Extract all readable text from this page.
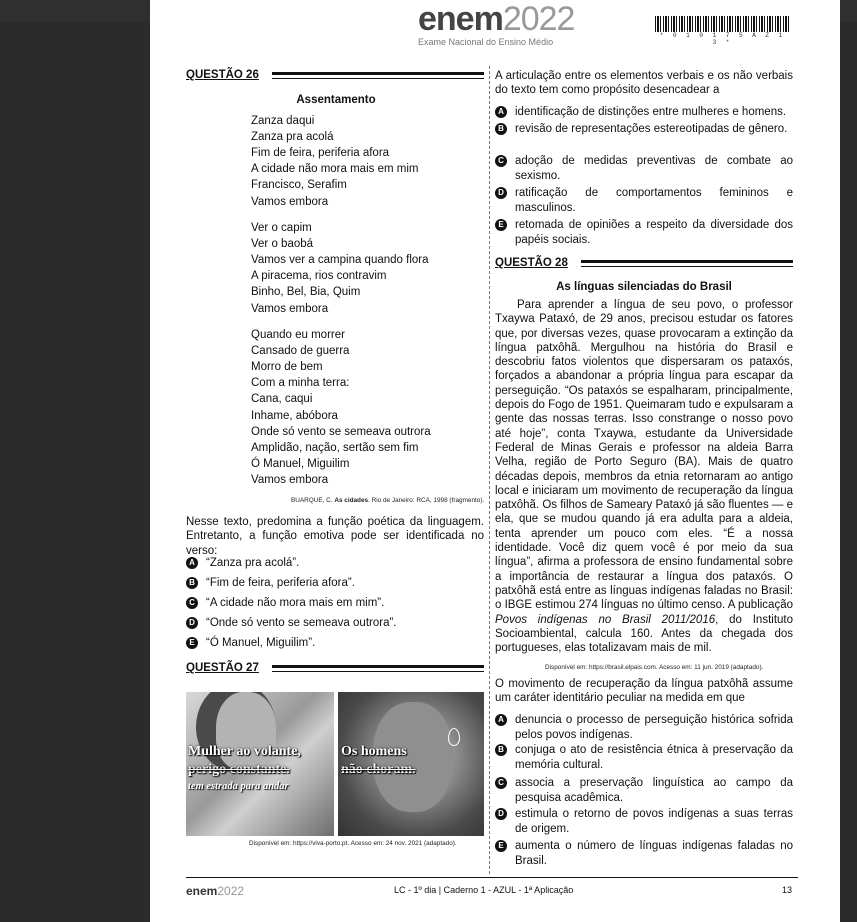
enem2022
Exame Nacional do Ensino Médio
* 0 1 0 1 7 5 A Z 1 3 *
QUESTÃO 26
Assentamento
Zanza daqui
Zanza pra acolá
Fim de feira, periferia afora
A cidade não mora mais em mim
Francisco, Serafim
Vamos embora
Ver o capim
Ver o baobá
Vamos ver a campina quando flora
A piracema, rios contravim
Binho, Bel, Bia, Quim
Vamos embora
Quando eu morrer
Cansado de guerra
Morro de bem
Com a minha terra:
Cana, caqui
Inhame, abóbora
Onde só vento se semeava outrora
Amplidão, nação, sertão sem fim
Ó Manuel, Miguilim
Vamos embora
BUARQUE, C. As cidades. Rio de Janeiro: RCA, 1998 (fragmento).
Nesse texto, predomina a função poética da linguagem. Entretanto, a função emotiva pode ser identificada no verso:
A “Zanza pra acolá”.
B “Fim de feira, periferia afora”.
C “A cidade não mora mais em mim”.
D “Onde só vento se semeava outrora”.
E “Ó Manuel, Miguilim”.
QUESTÃO 27
Mulher ao volante,
perigo constante.
tem estrada para andar
Os homens
não choram.
Disponível em: https://viva-porto.pt. Acesso em: 24 nov. 2021 (adaptado).
A articulação entre os elementos verbais e os não verbais do texto tem como propósito desencadear a
A identificação de distinções entre mulheres e homens.
B revisão de representações estereotipadas de gênero.
C adoção de medidas preventivas de combate ao sexismo.
D ratificação de comportamentos femininos e masculinos.
E retomada de opiniões a respeito da diversidade dos papéis sociais.
QUESTÃO 28
As línguas silenciadas do Brasil
Para aprender a língua de seu povo, o professor Txaywa Pataxó, de 29 anos, precisou estudar os fatores que, por diversas vezes, quase provocaram a extinção da língua patxôhã. Mergulhou na história do Brasil e descobriu fatos violentos que dispersaram os pataxós, forçados a abandonar a própria língua para escapar da perseguição. “Os pataxós se espalharam, principalmente, depois do Fogo de 1951. Queimaram tudo e expulsaram a gente das nossas terras. Isso constrange o nosso povo até hoje”, conta Txaywa, estudante da Universidade Federal de Minas Gerais e professor na aldeia Barra Velha, região de Porto Seguro (BA). Mais de quatro décadas depois, membros da etnia retornaram ao antigo local e iniciaram um movimento de recuperação da língua patxôhã. Os filhos de Sameary Pataxó já são fluentes — e ela, que se mudou quando já era adulta para a aldeia, tenta aprender um pouco com eles. “É a nossa identidade. Você diz quem você é por meio da sua língua”, afirma a professora de ensino fundamental sobre a importância de restaurar a língua dos pataxós. O patxôhã está entre as línguas indígenas faladas no Brasil: o IBGE estimou 274 línguas no último censo. A publicação Povos indígenas no Brasil 2011/2016, do Instituto Socioambiental, calcula 160. Antes da chegada dos portugueses, elas totalizavam mais de mil.
Disponível em: https://brasil.elpais.com. Acesso em: 11 jun. 2019 (adaptado).
O movimento de recuperação da língua patxôhã assume um caráter identitário peculiar na medida em que
A denuncia o processo de perseguição histórica sofrida pelos povos indígenas.
B conjuga o ato de resistência étnica à preservação da memória cultural.
C associa a preservação linguística ao campo da pesquisa acadêmica.
D estimula o retorno de povos indígenas a suas terras de origem.
E aumenta o número de línguas indígenas faladas no Brasil.
enem2022	LC - 1º dia | Caderno 1 - AZUL - 1ª Aplicação	13
